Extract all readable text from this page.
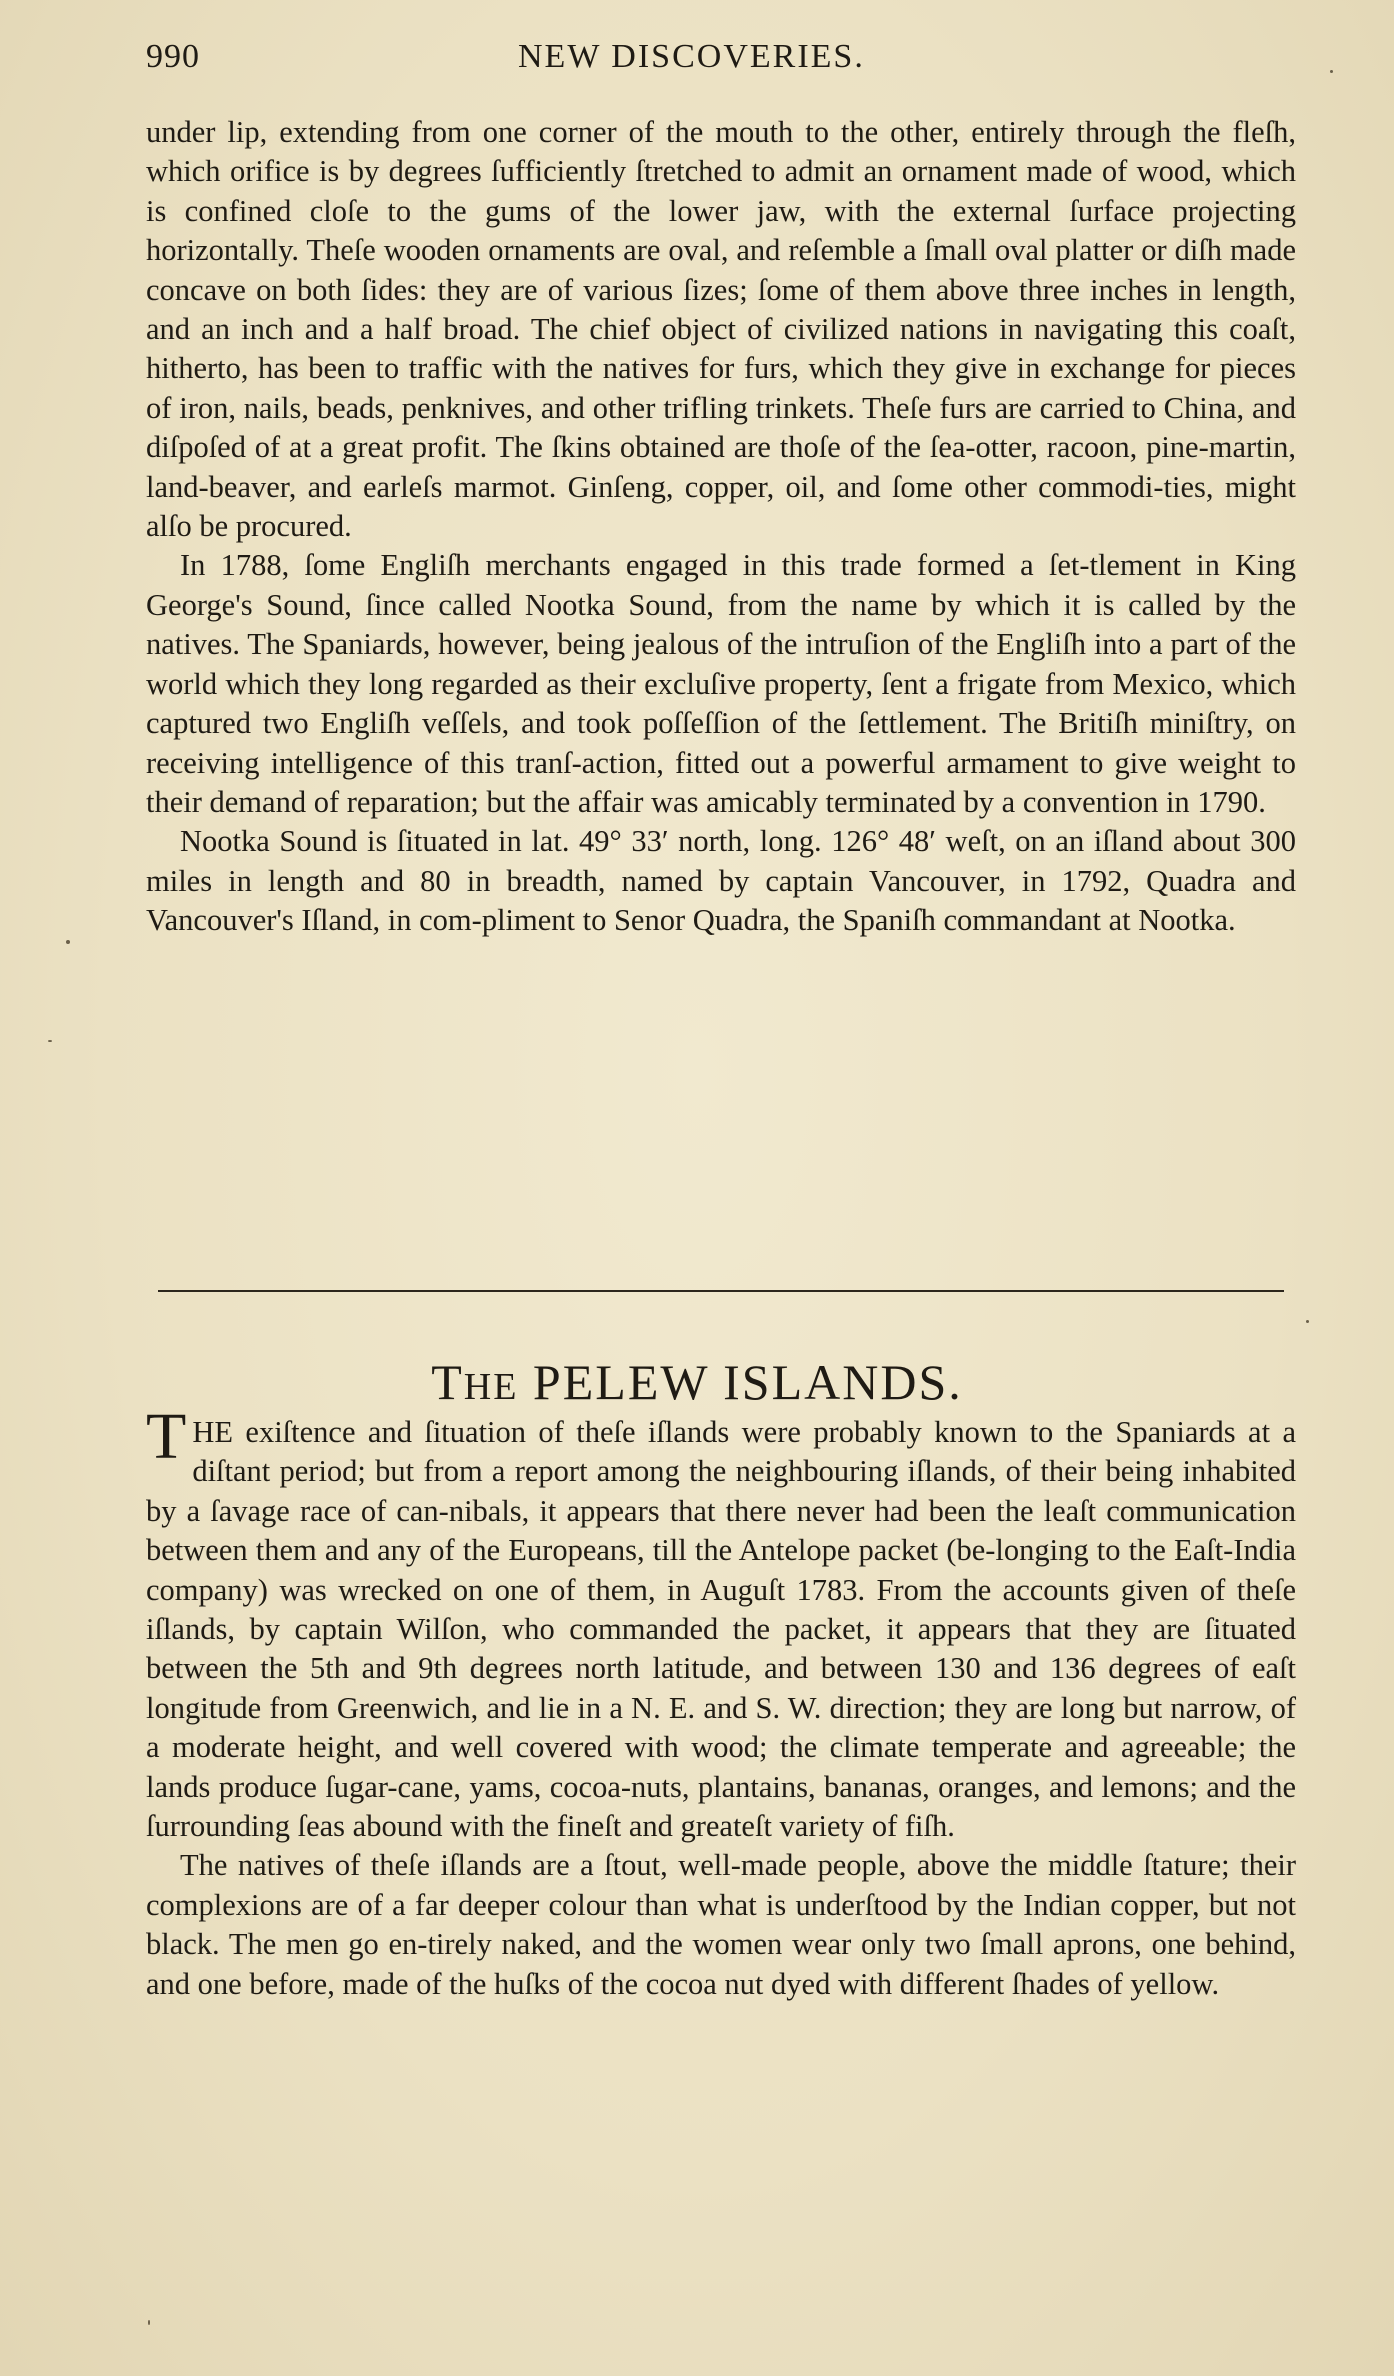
990	NEW DISCOVERIES.

under lip, extending from one corner of the mouth to the other, entirely through the fleſh, which orifice is by degrees ſufficiently ſtretched to admit an ornament made of wood, which is confined cloſe to the gums of the lower jaw, with the external ſurface projecting horizontally. Theſe wooden ornaments are oval, and reſemble a ſmall oval platter or diſh made concave on both ſides: they are of various ſizes; ſome of them above three inches in length, and an inch and a half broad. The chief object of civilized nations in navigating this coaſt, hitherto, has been to traffic with the natives for furs, which they give in exchange for pieces of iron, nails, beads, penknives, and other trifling trinkets. Theſe furs are carried to China, and diſpoſed of at a great profit. The ſkins obtained are thoſe of the ſea-otter, racoon, pine-martin, land-beaver, and earleſs marmot. Ginſeng, copper, oil, and ſome other commodi-ties, might alſo be procured.

In 1788, ſome Engliſh merchants engaged in this trade formed a ſet-tlement in King George's Sound, ſince called Nootka Sound, from the name by which it is called by the natives. The Spaniards, however, being jealous of the intruſion of the Engliſh into a part of the world which they long regarded as their excluſive property, ſent a frigate from Mexico, which captured two Engliſh veſſels, and took poſſeſſion of the ſettlement. The Britiſh miniſtry, on receiving intelligence of this tranſ-action, fitted out a powerful armament to give weight to their demand of reparation; but the affair was amicably terminated by a convention in 1790.

Nootka Sound is ſituated in lat. 49° 33′ north, long. 126° 48′ weſt, on an iſland about 300 miles in length and 80 in breadth, named by captain Vancouver, in 1792, Quadra and Vancouver's Iſland, in com-pliment to Senor Quadra, the Spaniſh commandant at Nootka.

THE PELEW ISLANDS.

THE exiſtence and ſituation of theſe iſlands were probably known to the Spaniards at a diſtant period; but from a report among the neighbouring iſlands, of their being inhabited by a ſavage race of can-nibals, it appears that there never had been the leaſt communication between them and any of the Europeans, till the Antelope packet (be-longing to the Eaſt-India company) was wrecked on one of them, in Auguſt 1783. From the accounts given of theſe iſlands, by captain Wilſon, who commanded the packet, it appears that they are ſituated between the 5th and 9th degrees north latitude, and between 130 and 136 degrees of eaſt longitude from Greenwich, and lie in a N. E. and S. W. direction; they are long but narrow, of a moderate height, and well covered with wood; the climate temperate and agreeable; the lands produce ſugar-cane, yams, cocoa-nuts, plantains, bananas, oranges, and lemons; and the ſurrounding ſeas abound with the fineſt and greateſt variety of fiſh.

The natives of theſe iſlands are a ſtout, well-made people, above the middle ſtature; their complexions are of a far deeper colour than what is underſtood by the Indian copper, but not black. The men go en-tirely naked, and the women wear only two ſmall aprons, one behind, and one before, made of the huſks of the cocoa nut dyed with different ſhades of yellow.
